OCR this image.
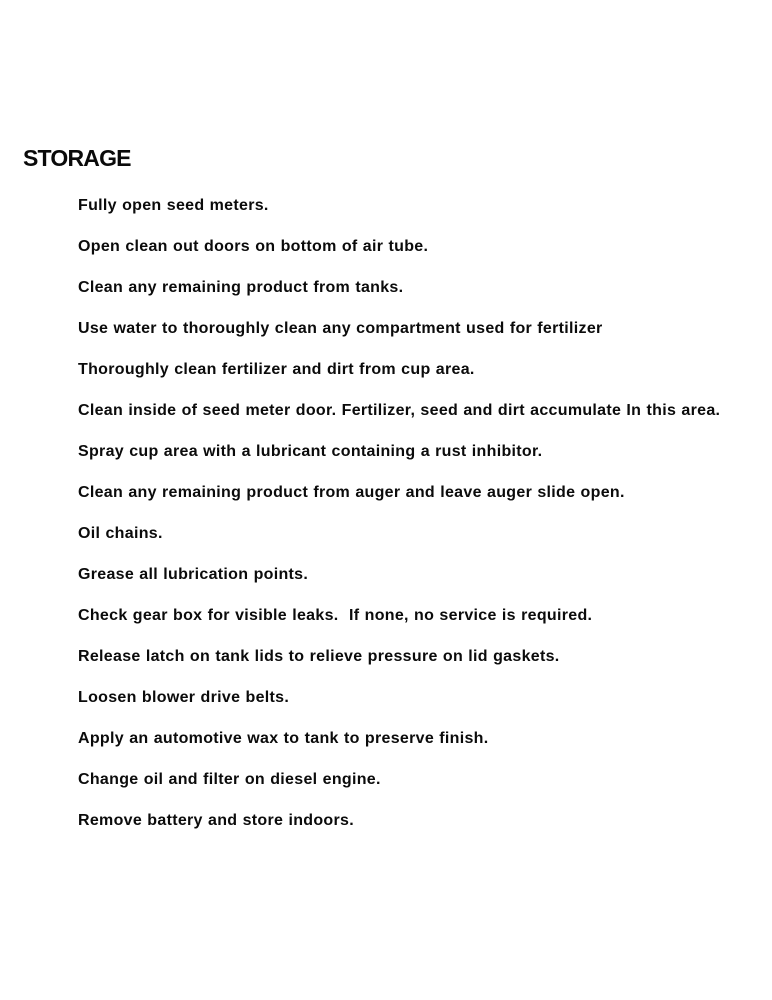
STORAGE
Fully open seed meters.
Open clean out doors on bottom of air tube.
Clean any remaining product from tanks.
Use water to thoroughly clean any compartment used for fertilizer
Thoroughly clean fertilizer and dirt from cup area.
Clean inside of seed meter door. Fertilizer, seed and dirt accumulate In this area.
Spray cup area with a lubricant containing a rust inhibitor.
Clean any remaining product from auger and leave auger slide open.
Oil chains.
Grease all lubrication points.
Check gear box for visible leaks.  If none, no service is required.
Release latch on tank lids to relieve pressure on lid gaskets.
Loosen blower drive belts.
Apply an automotive wax to tank to preserve finish.
Change oil and filter on diesel engine.
Remove battery and store indoors.
